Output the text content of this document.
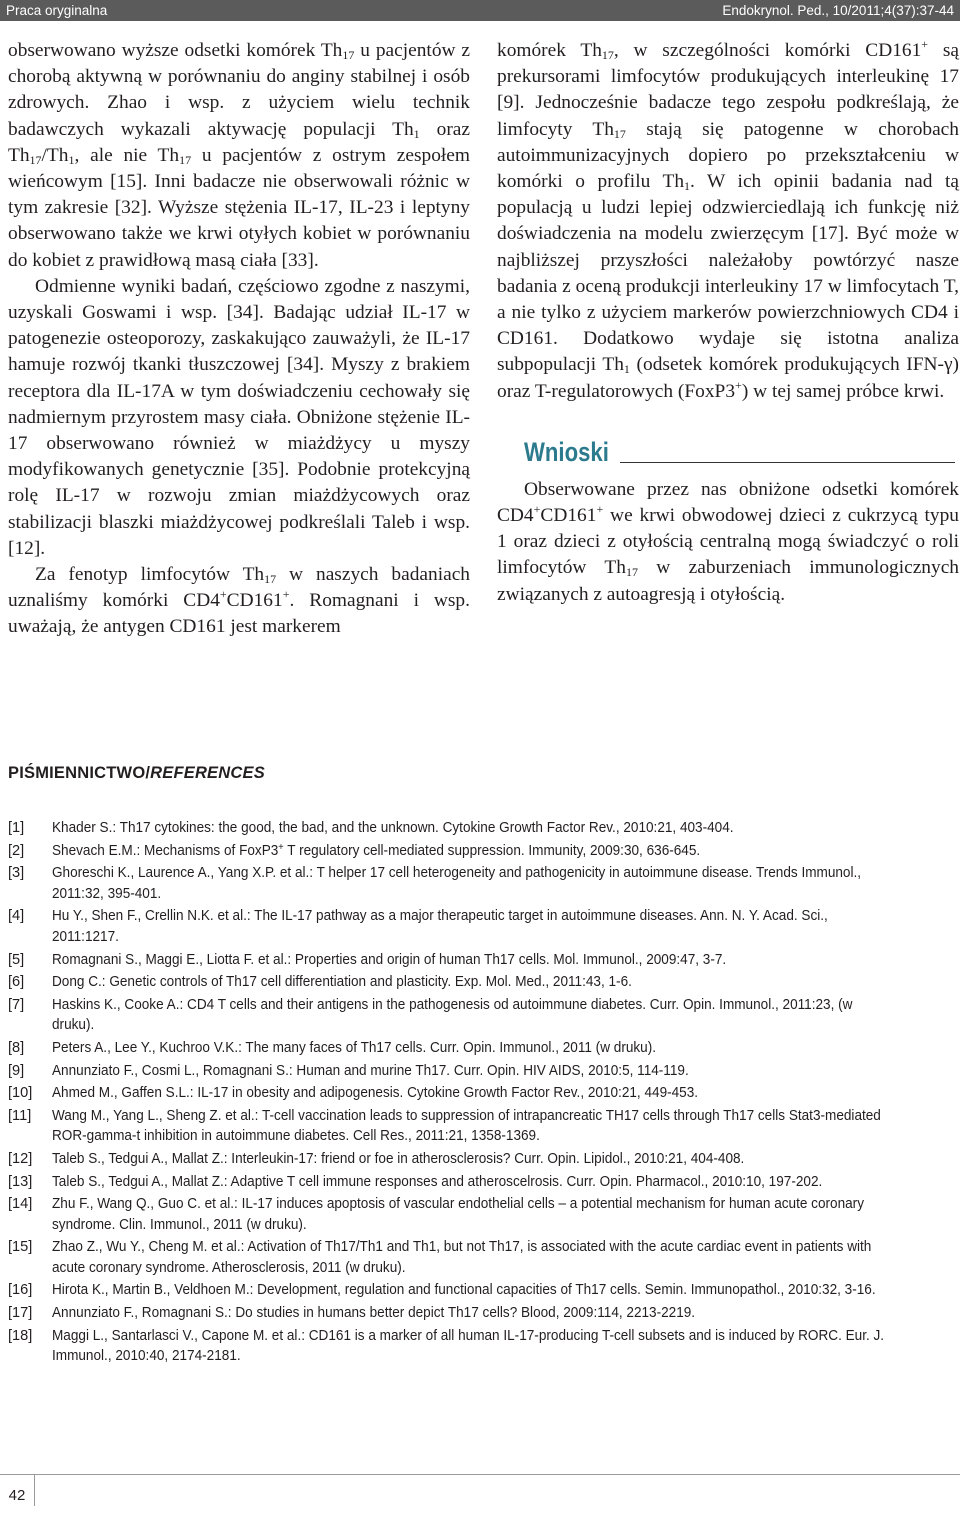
Praca oryginalna	Endokrynol. Ped., 10/2011;4(37):37-44

obserwowano wyższe odsetki komórek $Th_{17}$ u pacjentów z chorobą aktywną w porównaniu do anginy stabilnej i osób zdrowych. Zhao i wsp. z użyciem wielu technik badawczych wykazali aktywację populacji $Th_1$ oraz $Th_{17}/Th_1$, ale nie $Th_{17}$ u pacjentów z ostrym zespołem wieńcowym [15]. Inni badacze nie obserwowali różnic w tym zakresie [32]. Wyższe stężenia IL-17, IL-23 i leptyny obserwowano także we krwi otyłych kobiet w porównaniu do kobiet z prawidłową masą ciała [33].

Odmienne wyniki badań, częściowo zgodne z naszymi, uzyskali Goswami i wsp. [34]. Badając udział IL-17 w patogenezie osteoporozy, zaskakująco zauważyli, że IL-17 hamuje rozwój tkanki tłuszczowej [34]. Myszy z brakiem receptora dla IL-17A w tym doświadczeniu cechowały się nadmiernym przyrostem masy ciała. Obniżone stężenie IL-17 obserwowano również w miażdżycy u myszy modyfikowanych genetycznie [35]. Podobnie protekcyjną rolę IL-17 w rozwoju zmian miażdżycowych oraz stabilizacji blaszki miażdżycowej podkreślali Taleb i wsp. [12].

Za fenotyp limfocytów $Th_{17}$ w naszych badaniach uznaliśmy komórki CD4+CD161+. Romagnani i wsp. uważają, że antygen CD161 jest markerem

komórek $Th_{17}$, w szczególności komórki CD161+ są prekursorami limfocytów produkujących interleukinę 17 [9]. Jednocześnie badacze tego zespołu podkreślają, że limfocyty $Th_{17}$ stają się patogenne w chorobach autoimmunizacyjnych dopiero po przekształceniu w komórki o profilu $Th_1$. W ich opinii badania nad tą populacją u ludzi lepiej odzwierciedlają ich funkcję niż doświadczenia na modelu zwierzęcym [17]. Być może w najbliższej przyszłości należałoby powtórzyć nasze badania z oceną produkcji interleukiny 17 w limfocytach T, a nie tylko z użyciem markerów powierzchniowych CD4 i CD161. Dodatkowo wydaje się istotna analiza subpopulacji $Th_1$ (odsetek komórek produkujących IFN-γ) oraz T-regulatorowych (FoxP3+) w tej samej próbce krwi.

Wnioski

Obserwowane przez nas obniżone odsetki komórek CD4+CD161+ we krwi obwodowej dzieci z cukrzycą typu 1 oraz dzieci z otyłością centralną mogą świadczyć o roli limfocytów $Th_{17}$ w zaburzeniach immunologicznych związanych z autoagresją i otyłością.

PIŚMIENNICTWO/REFERENCES
[1]	Khader S.: Th17 cytokines: the good, the bad, and the unknown. Cytokine Growth Factor Rev., 2010:21, 403-404.
[2]	Shevach E.M.: Mechanisms of FoxP3+ T regulatory cell-mediated suppression. Immunity, 2009:30, 636-645.
[3]	Ghoreschi K., Laurence A., Yang X.P. et al.: T helper 17 cell heterogeneity and pathogenicity in autoimmune disease. Trends Immunol., 2011:32, 395-401.
[4]	Hu Y., Shen F., Crellin N.K. et al.: The IL-17 pathway as a major therapeutic target in autoimmune diseases. Ann. N. Y. Acad. Sci., 2011:1217.
[5]	Romagnani S., Maggi E., Liotta F. et al.: Properties and origin of human Th17 cells. Mol. Immunol., 2009:47, 3-7.
[6]	Dong C.: Genetic controls of Th17 cell differentiation and plasticity. Exp. Mol. Med., 2011:43, 1-6.
[7]	Haskins K., Cooke A.: CD4 T cells and their antigens in the pathogenesis od autoimmune diabetes. Curr. Opin. Immunol., 2011:23, (w druku).
[8]	Peters A., Lee Y., Kuchroo V.K.: The many faces of Th17 cells. Curr. Opin. Immunol., 2011 (w druku).
[9]	Annunziato F., Cosmi L., Romagnani S.: Human and murine Th17. Curr. Opin. HIV AIDS, 2010:5, 114-119.
[10]	Ahmed M., Gaffen S.L.: IL-17 in obesity and adipogenesis. Cytokine Growth Factor Rev., 2010:21, 449-453.
[11]	Wang M., Yang L., Sheng Z. et al.: T-cell vaccination leads to suppression of intrapancreatic TH17 cells through Th17 cells Stat3-mediated ROR-gamma-t inhibition in autoimmune diabetes. Cell Res., 2011:21, 1358-1369.
[12]	Taleb S., Tedgui A., Mallat Z.: Interleukin-17: friend or foe in atherosclerosis? Curr. Opin. Lipidol., 2010:21, 404-408.
[13]	Taleb S., Tedgui A., Mallat Z.: Adaptive T cell immune responses and atheroscelrosis. Curr. Opin. Pharmacol., 2010:10, 197-202.
[14]	Zhu F., Wang Q., Guo C. et al.: IL-17 induces apoptosis of vascular endothelial cells – a potential mechanism for human acute coronary syndrome. Clin. Immunol., 2011 (w druku).
[15]	Zhao Z., Wu Y., Cheng M. et al.: Activation of Th17/Th1 and Th1, but not Th17, is associated with the acute cardiac event in patients with acute coronary syndrome. Atherosclerosis, 2011 (w druku).
[16]	Hirota K., Martin B., Veldhoen M.: Development, regulation and functional capacities of Th17 cells. Semin. Immunopathol., 2010:32, 3-16.
[17]	Annunziato F., Romagnani S.: Do studies in humans better depict Th17 cells? Blood, 2009:114, 2213-2219.
[18]	Maggi L., Santarlasci V., Capone M. et al.: CD161 is a marker of all human IL-17-producing T-cell subsets and is induced by RORC. Eur. J. Immunol., 2010:40, 2174-2181.
42
